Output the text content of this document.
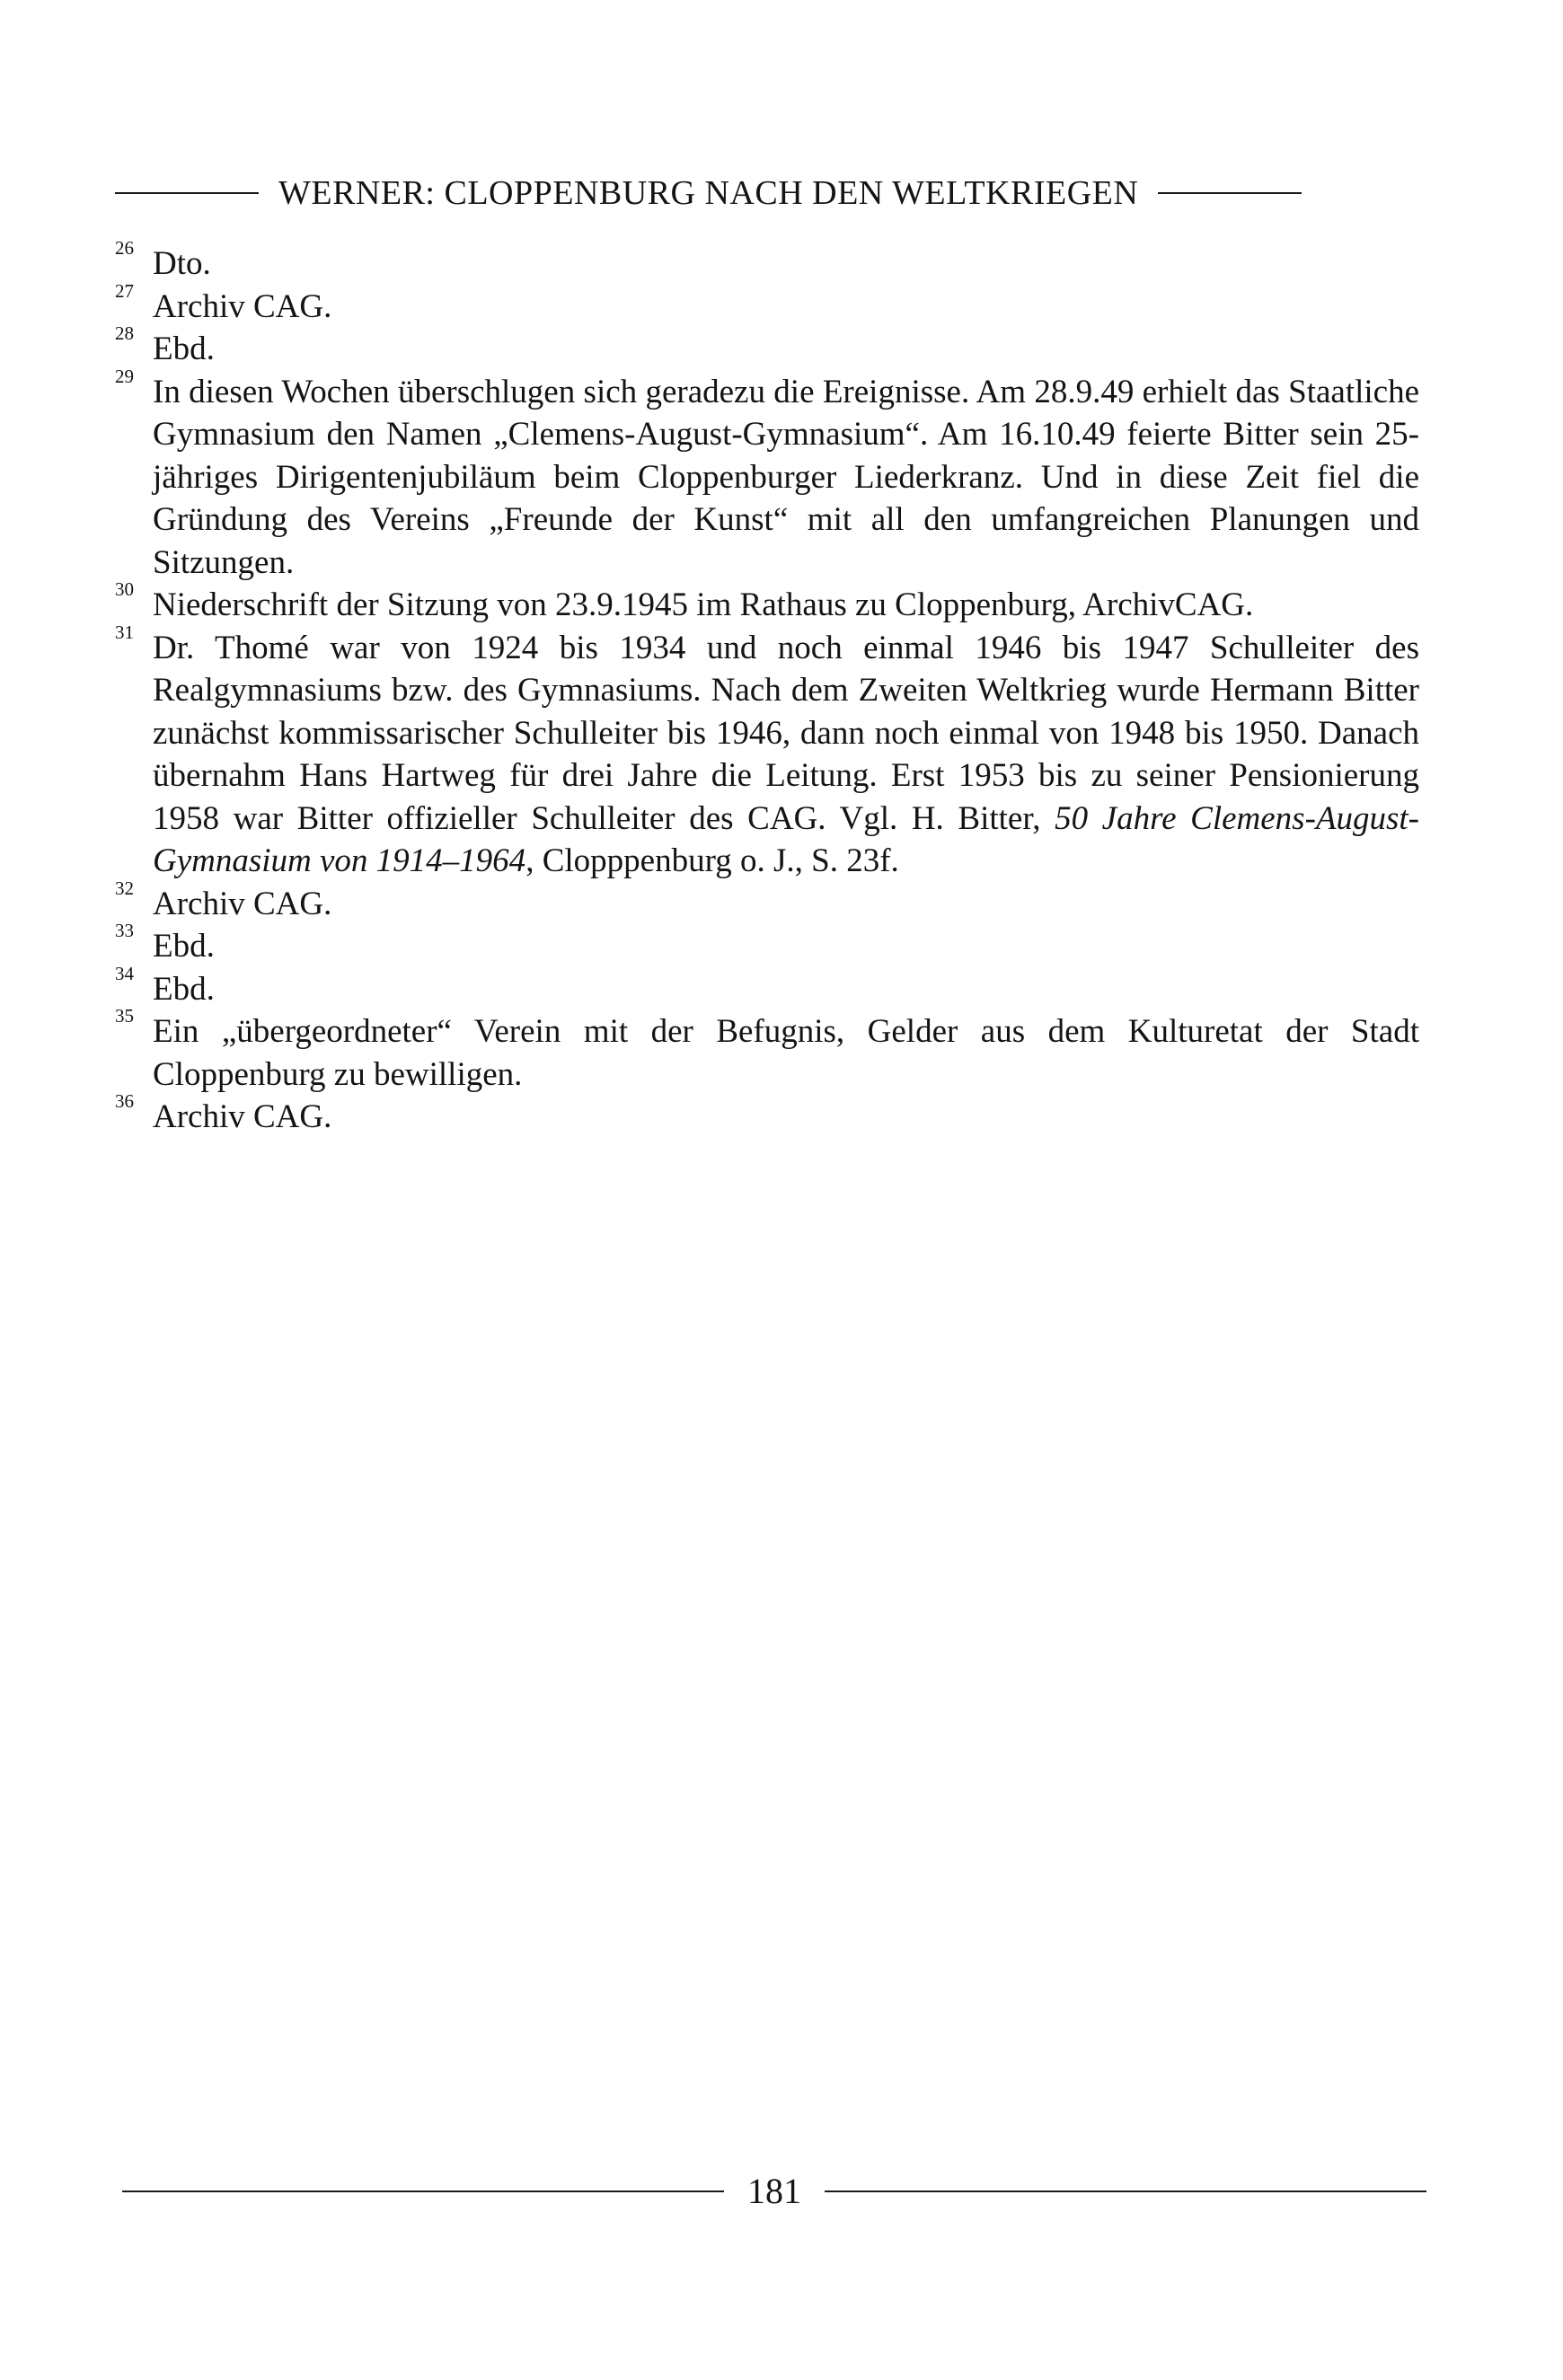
WERNER: CLOPPENBURG NACH DEN WELTKRIEGEN
26 Dto.
27 Archiv CAG.
28 Ebd.
29 In diesen Wochen überschlugen sich geradezu die Ereignisse. Am 28.9.49 erhielt das Staatliche Gymnasium den Namen „Clemens-August-Gymnasium“. Am 16.10.49 feierte Bitter sein 25-jähriges Dirigentenjubiläum beim Cloppenburger Liederkranz. Und in diese Zeit fiel die Gründung des Vereins „Freunde der Kunst“ mit all den umfangreichen Planungen und Sitzungen.
30 Niederschrift der Sitzung von 23.9.1945 im Rathaus zu Cloppenburg, ArchivCAG.
31 Dr. Thomé war von 1924 bis 1934 und noch einmal 1946 bis 1947 Schulleiter des Realgymnasiums bzw. des Gymnasiums. Nach dem Zweiten Weltkrieg wurde Hermann Bitter zunächst kommissarischer Schulleiter bis 1946, dann noch einmal von 1948 bis 1950. Danach übernahm Hans Hartweg für drei Jahre die Leitung. Erst 1953 bis zu seiner Pensionierung 1958 war Bitter offizieller Schulleiter des CAG. Vgl. H. Bitter, 50 Jahre Clemens-August-Gymnasium von 1914–1964, Clopppenburg o. J., S. 23f.
32 Archiv CAG.
33 Ebd.
34 Ebd.
35 Ein „übergeordneter“ Verein mit der Befugnis, Gelder aus dem Kulturetat der Stadt Cloppenburg zu bewilligen.
36 Archiv CAG.
181
